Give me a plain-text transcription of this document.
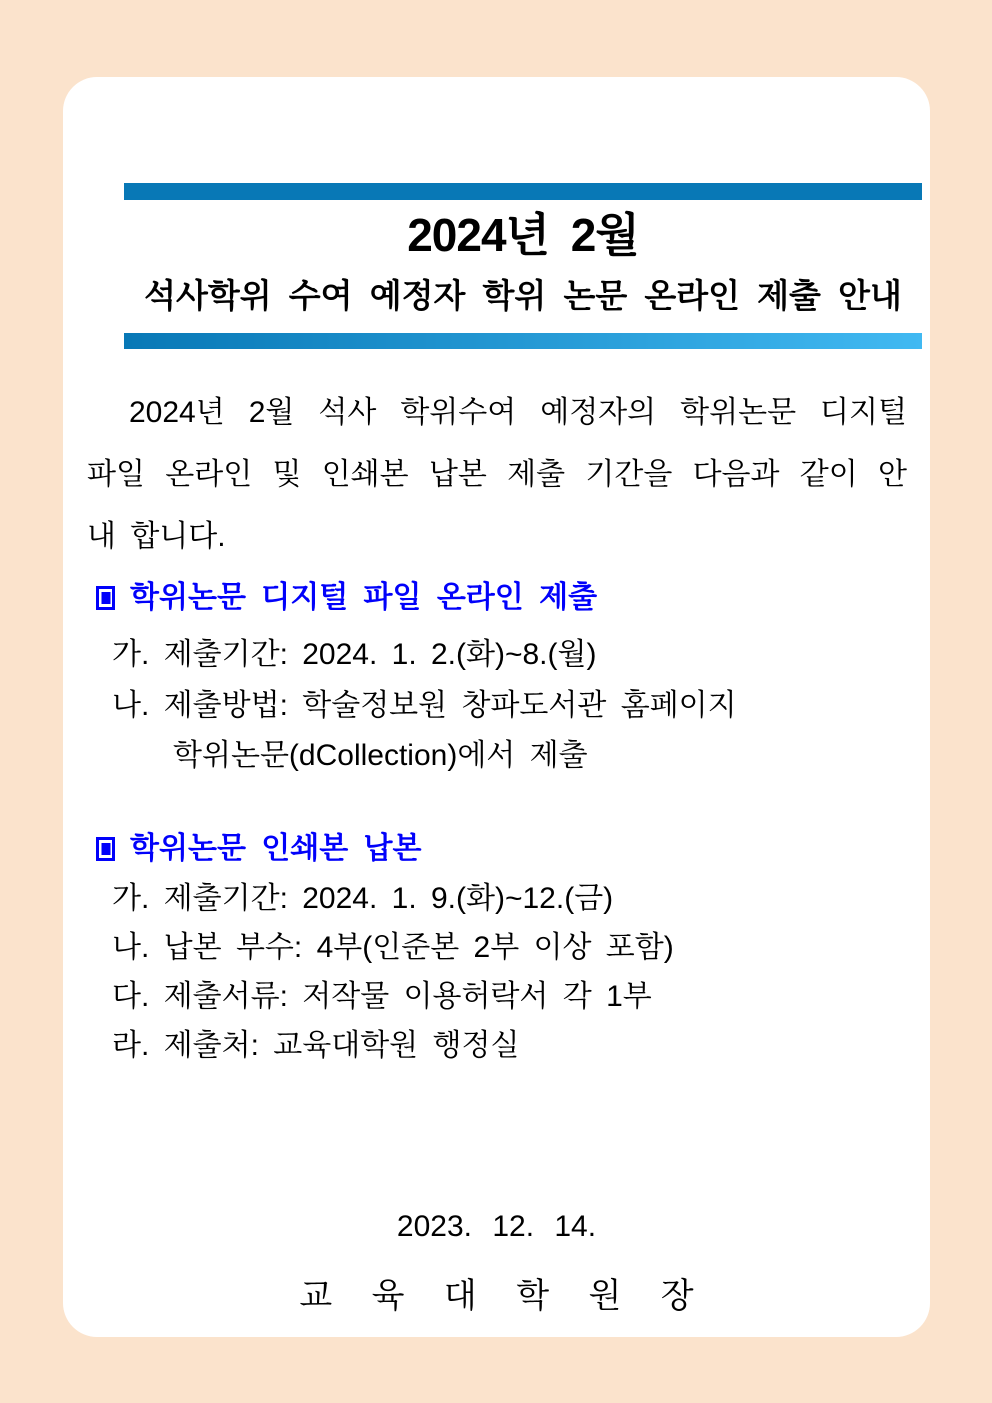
2024년 2월
석사학위 수여 예정자 학위 논문 온라인 제출 안내
2024년 2월 석사 학위수여 예정자의 학위논문 디지털
파일 온라인 및 인쇄본 납본 제출 기간을 다음과 같이 안
내 합니다.
학위논문 디지털 파일 온라인 제출
가. 제출기간: 2024. 1. 2.(화)~8.(월)
나. 제출방법: 학술정보원 창파도서관 홈페이지
학위논문(dCollection)에서 제출
학위논문 인쇄본 납본
가. 제출기간: 2024. 1. 9.(화)~12.(금)
나. 납본 부수: 4부(인준본 2부 이상 포함)
다. 제출서류: 저작물 이용허락서 각 1부
라. 제출처: 교육대학원 행정실
2023. 12. 14.
교 육 대 학 원 장
